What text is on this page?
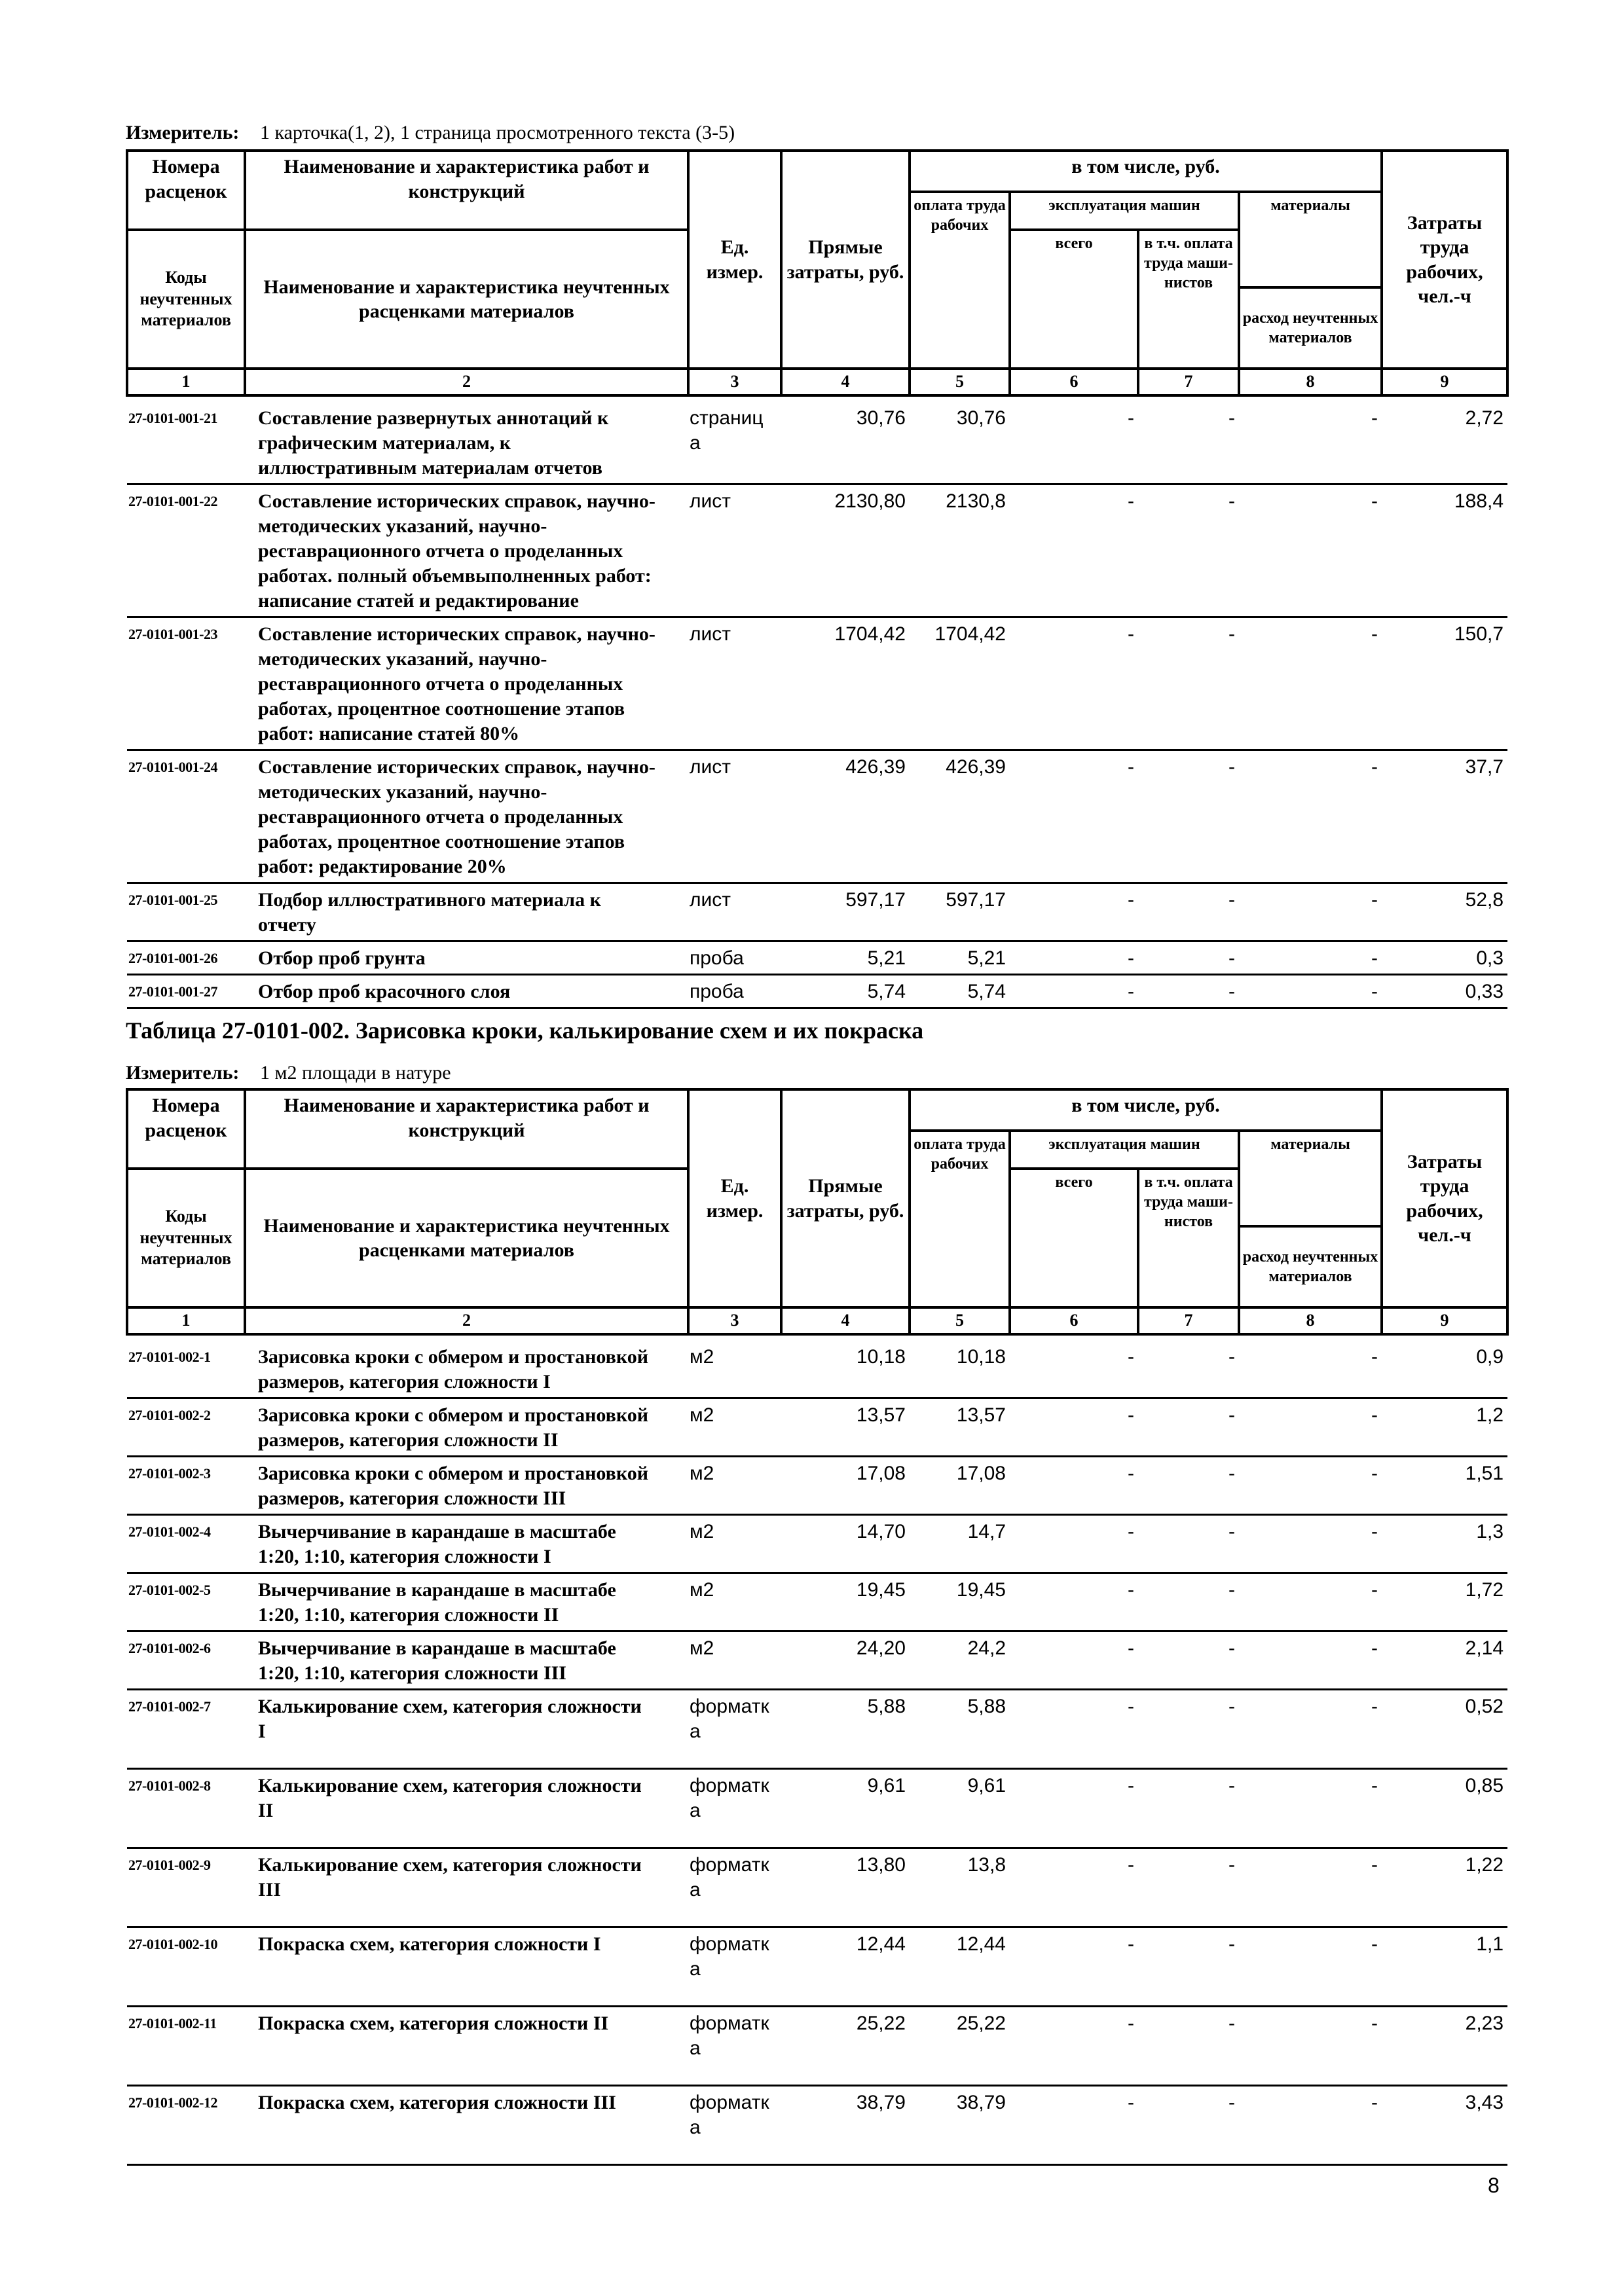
Измеритель: 1 карточка(1, 2), 1 страница просмотренного текста (3-5)
Номера расценок	Наименование и характеристика работ и конструкций	Ед. измер.	Прямые затраты, руб.	в том числе, руб.				Затраты труда рабочих, чел.-ч
				оплата труда рабочих	эксплуатация машин		материалы	
Коды неучтенных материалов	Наименование и характеристика неучтенных расценками материалов				всего	в т.ч. оплата труда маши-нистов		
							расход неучтенных материалов	
1	2	3	4	5	6	7	8	9

27-0101-001-21	Составление развернутых аннотаций к
графическим материалам, к
иллюстративным материалам отчетов	страниц
а	30,76	30,76	-	-	-	2,72
27-0101-001-22	Составление исторических справок, научно-
методических указаний, научно-
реставрационного отчета о проделанных
работах. полный объемвыполненных работ:
написание статей и редактирование	лист	2130,80	2130,8	-	-	-	188,4
27-0101-001-23	Составление исторических справок, научно-
методических указаний, научно-
реставрационного отчета о проделанных
работах, процентное соотношение этапов
работ: написание статей 80%	лист	1704,42	1704,42	-	-	-	150,7
27-0101-001-24	Составление исторических справок, научно-
методических указаний, научно-
реставрационного отчета о проделанных
работах, процентное соотношение этапов
работ: редактирование 20%	лист	426,39	426,39	-	-	-	37,7
27-0101-001-25	Подбор иллюстративного материала к
отчету	лист	597,17	597,17	-	-	-	52,8
27-0101-001-26	Отбор проб грунта	проба	5,21	5,21	-	-	-	0,3
27-0101-001-27	Отбор проб красочного слоя	проба	5,74	5,74	-	-	-	0,33
Таблица 27-0101-002. Зарисовка кроки, калькирование схем и их покраска
Измеритель: 1 м2 площади в натуре
Номера расценок	Наименование и характеристика работ и конструкций	Ед. измер.	Прямые затраты, руб.	в том числе, руб.				Затраты труда рабочих, чел.-ч
				оплата труда рабочих	эксплуатация машин		материалы	
Коды неучтенных материалов	Наименование и характеристика неучтенных расценками материалов				всего	в т.ч. оплата труда маши-нистов		
							расход неучтенных материалов	
1	2	3	4	5	6	7	8	9

27-0101-002-1	Зарисовка кроки с обмером и простановкой
размеров, категория сложности I	м2	10,18	10,18	-	-	-	0,9
27-0101-002-2	Зарисовка кроки с обмером и простановкой
размеров, категория сложности II	м2	13,57	13,57	-	-	-	1,2
27-0101-002-3	Зарисовка кроки с обмером и простановкой
размеров, категория сложности III	м2	17,08	17,08	-	-	-	1,51
27-0101-002-4	Вычерчивание в карандаше в масштабе
1:20, 1:10, категория сложности I	м2	14,70	14,7	-	-	-	1,3
27-0101-002-5	Вычерчивание в карандаше в масштабе
1:20, 1:10, категория сложности II	м2	19,45	19,45	-	-	-	1,72
27-0101-002-6	Вычерчивание в карандаше в масштабе
1:20, 1:10, категория сложности III	м2	24,20	24,2	-	-	-	2,14
27-0101-002-7	Калькирование схем, категория сложности
I	форматк
а	5,88	5,88	-	-	-	0,52
27-0101-002-8	Калькирование схем, категория сложности
II	форматк
а	9,61	9,61	-	-	-	0,85
27-0101-002-9	Калькирование схем, категория сложности
III	форматк
а	13,80	13,8	-	-	-	1,22
27-0101-002-10	Покраска схем, категория сложности I	форматк
а	12,44	12,44	-	-	-	1,1
27-0101-002-11	Покраска схем, категория сложности II	форматк
а	25,22	25,22	-	-	-	2,23
27-0101-002-12	Покраска схем, категория сложности III	форматк
а	38,79	38,79	-	-	-	3,43
8
